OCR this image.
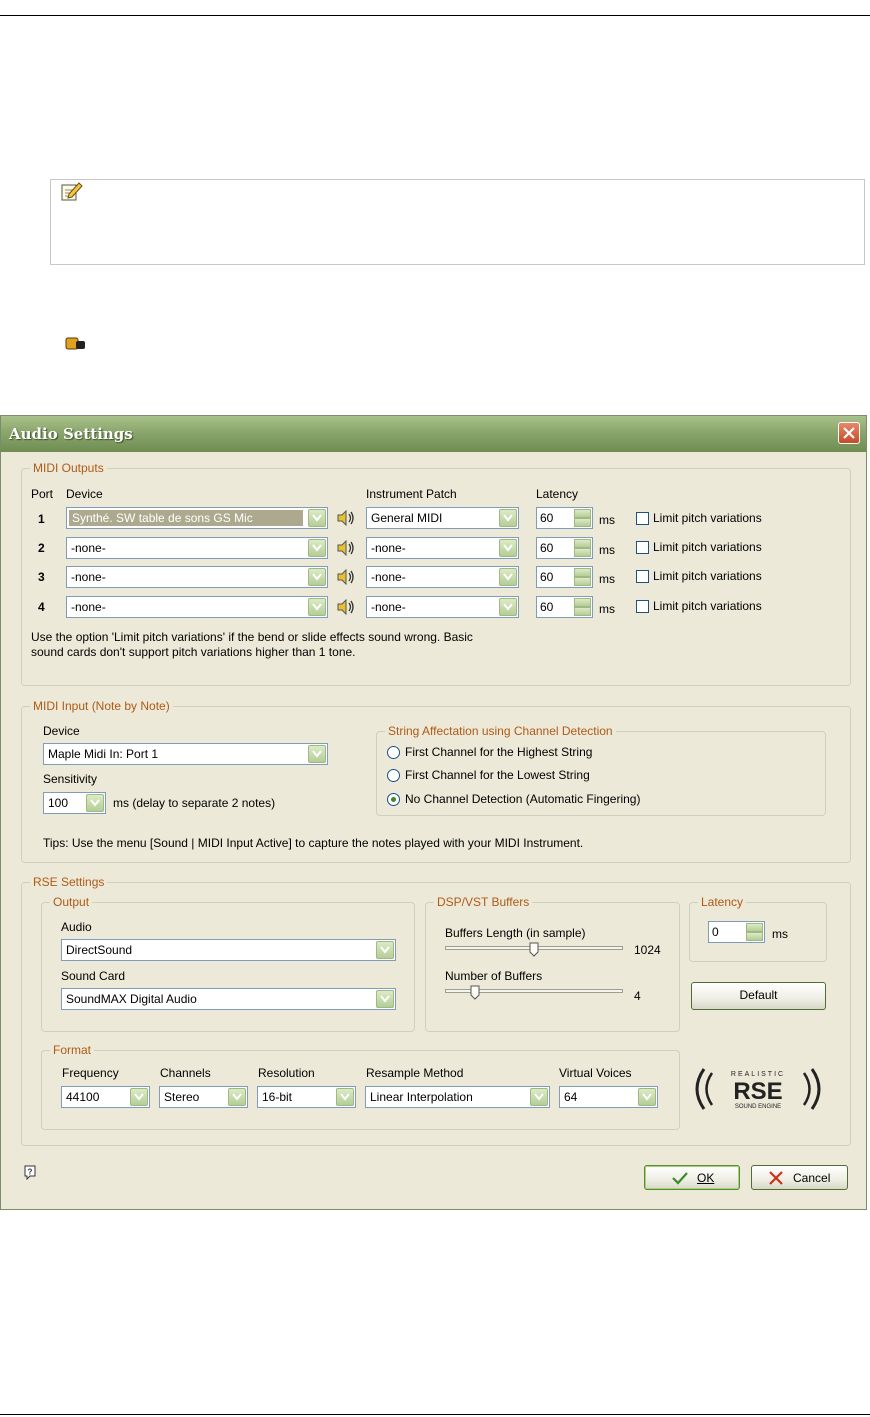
Audio Settings
MIDI Outputs
Port Device	Instrument Patch	Latency
1 Synthé. SW table de sons GS Mic	General MIDI	60	ms	Limit pitch variations
2 -none-	-none-	60	ms	Limit pitch variations
3 -none-	-none-	60	ms	Limit pitch variations
4 -none-	-none-	60	ms	Limit pitch variations
Use the option 'Limit pitch variations' if the bend or slide effects sound wrong. Basic
sound cards don't support pitch variations higher than 1 tone.
MIDI Input (Note by Note)
Device
Maple Midi In: Port 1
Sensitivity
100	ms (delay to separate 2 notes)
String Affectation using Channel Detection
First Channel for the Highest String
First Channel for the Lowest String
No Channel Detection (Automatic Fingering)
Tips: Use the menu [Sound | MIDI Input Active] to capture the notes played with your MIDI Instrument.
RSE Settings
Output
Audio
DirectSound
Sound Card
SoundMAX Digital Audio
DSP/VST Buffers
Buffers Length (in sample)
1024
Number of Buffers
4
Latency
0	ms
Default
Format
Frequency
44100
Channels
Stereo
Resolution
16-bit
Resample Method
Linear Interpolation
Virtual Voices
64
REALISTIC
RSE
SOUND ENGINE
?	OK	Cancel
